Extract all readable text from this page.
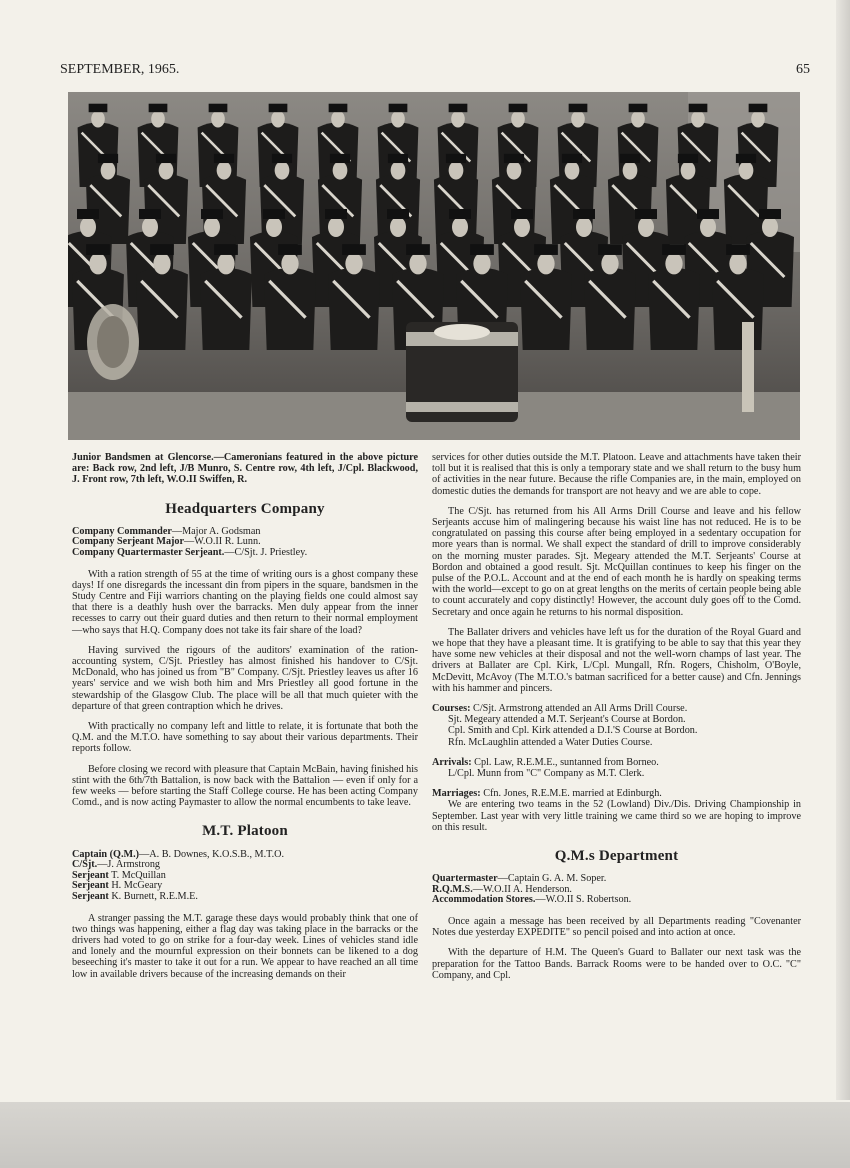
SEPTEMBER, 1965.	65

Junior Bandsmen at Glencorse.—Cameronians featured in the above picture are: Back row, 2nd left, J/B Munro, S. Centre row, 4th left, J/Cpl. Blackwood, J. Front row, 7th left, W.O.II Swiffen, R.

Headquarters Company
Company Commander—Major A. Godsman
Company Serjeant Major—W.O.II R. Lunn.
Company Quartermaster Serjeant.—C/Sjt. J. Priestley.

With a ration strength of 55 at the time of writing ours is a ghost company these days! If one disregards the incessant din from pipers in the square, bandsmen in the Study Centre and Fiji warriors chanting on the playing fields one could almost say that there is a deathly hush over the barracks. Men duly appear from the inner recesses to carry out their guard duties and then return to their normal employment—who says that H.Q. Company does not take its fair share of the load?

Having survived the rigours of the auditors' examination of the ration-accounting system, C/Sjt. Priestley has almost finished his handover to C/Sjt. McDonald, who has joined us from "B" Company. C/Sjt. Priestley leaves us after 16 years' service and we wish both him and Mrs Priestley all good fortune in the stewardship of the Glasgow Club. The place will be all that much quieter with the departure of that green contraption which he drives.

With practically no company left and little to relate, it is fortunate that both the Q.M. and the M.T.O. have something to say about their various departments. Their reports follow.

Before closing we record with pleasure that Captain McBain, having finished his stint with the 6th/7th Battalion, is now back with the Battalion — even if only for a few weeks — before starting the Staff College course. He has been acting Company Comd., and is now acting Paymaster to allow the normal encumbents to take leave.

M.T. Platoon
Captain (Q.M.)—A. B. Downes, K.O.S.B., M.T.O.
C/Sjt.—J. Armstrong
Serjeant T. McQuillan
Serjeant H. McGeary
Serjeant K. Burnett, R.E.M.E.

A stranger passing the M.T. garage these days would probably think that one of two things was happening, either a flag day was taking place in the barracks or the drivers had voted to go on strike for a four-day week. Lines of vehicles stand idle and lonely and the mournful expression on their bonnets can be likened to a dog beseeching it's master to take it out for a run. We appear to have reached an all time low in available drivers because of the increasing demands on their

services for other duties outside the M.T. Platoon. Leave and attachments have taken their toll but it is realised that this is only a temporary state and we shall return to the busy hum of activities in the near future. Because the rifle Companies are, in the main, employed on domestic duties the demands for transport are not heavy and we are able to cope.

The C/Sjt. has returned from his All Arms Drill Course and leave and his fellow Serjeants accuse him of malingering because his waist line has not reduced. He is to be congratulated on passing this course after being employed in a sedentary occupation for more years than is normal. We shall expect the standard of drill to improve considerably on the morning muster parades. Sjt. Megeary attended the M.T. Serjeants' Course at Bordon and obtained a good result. Sjt. McQuillan continues to keep his finger on the pulse of the P.O.L. Account and at the end of each month he is hardly on speaking terms with the world—except to go on at great lengths on the merits of certain people being able to count accurately and copy distinctly! However, the account duly goes off to the Comd. Secretary and once again he returns to his normal disposition.

The Ballater drivers and vehicles have left us for the duration of the Royal Guard and we hope that they have a pleasant time. It is gratifying to be able to say that this year they have some new vehicles at their disposal and not the well-worn champs of last year. The drivers at Ballater are Cpl. Kirk, L/Cpl. Mungall, Rfn. Rogers, Chisholm, O'Boyle, McDevitt, McAvoy (The M.T.O.'s batman sacrificed for a better cause) and Cfn. Jennings with his hammer and pincers.

Courses: C/Sjt. Armstrong attended an All Arms Drill Course.
Sjt. Megeary attended a M.T. Serjeant's Course at Bordon.
Cpl. Smith and Cpl. Kirk attended a D.I.'S Course at Bordon.
Rfn. McLaughlin attended a Water Duties Course.
Arrivals: Cpl. Law, R.E.M.E., suntanned from Borneo.
L/Cpl. Munn from "C" Company as M.T. Clerk.
Marriages: Cfn. Jones, R.E.M.E. married at Edinburgh.

We are entering two teams in the 52 (Lowland) Div./Dis. Driving Championship in September. Last year with very little training we came third so we are hoping to improve on this result.

Q.M.s Department
Quartermaster—Captain G. A. M. Soper.
R.Q.M.S.—W.O.II A. Henderson.
Accommodation Stores.—W.O.II S. Robertson.

Once again a message has been received by all Departments reading "Covenanter Notes due yesterday EXPEDITE" so pencil poised and into action at once.

With the departure of H.M. The Queen's Guard to Ballater our next task was the preparation for the Tattoo Bands. Barrack Rooms were to be handed over to O.C. "C" Company, and Cpl.
